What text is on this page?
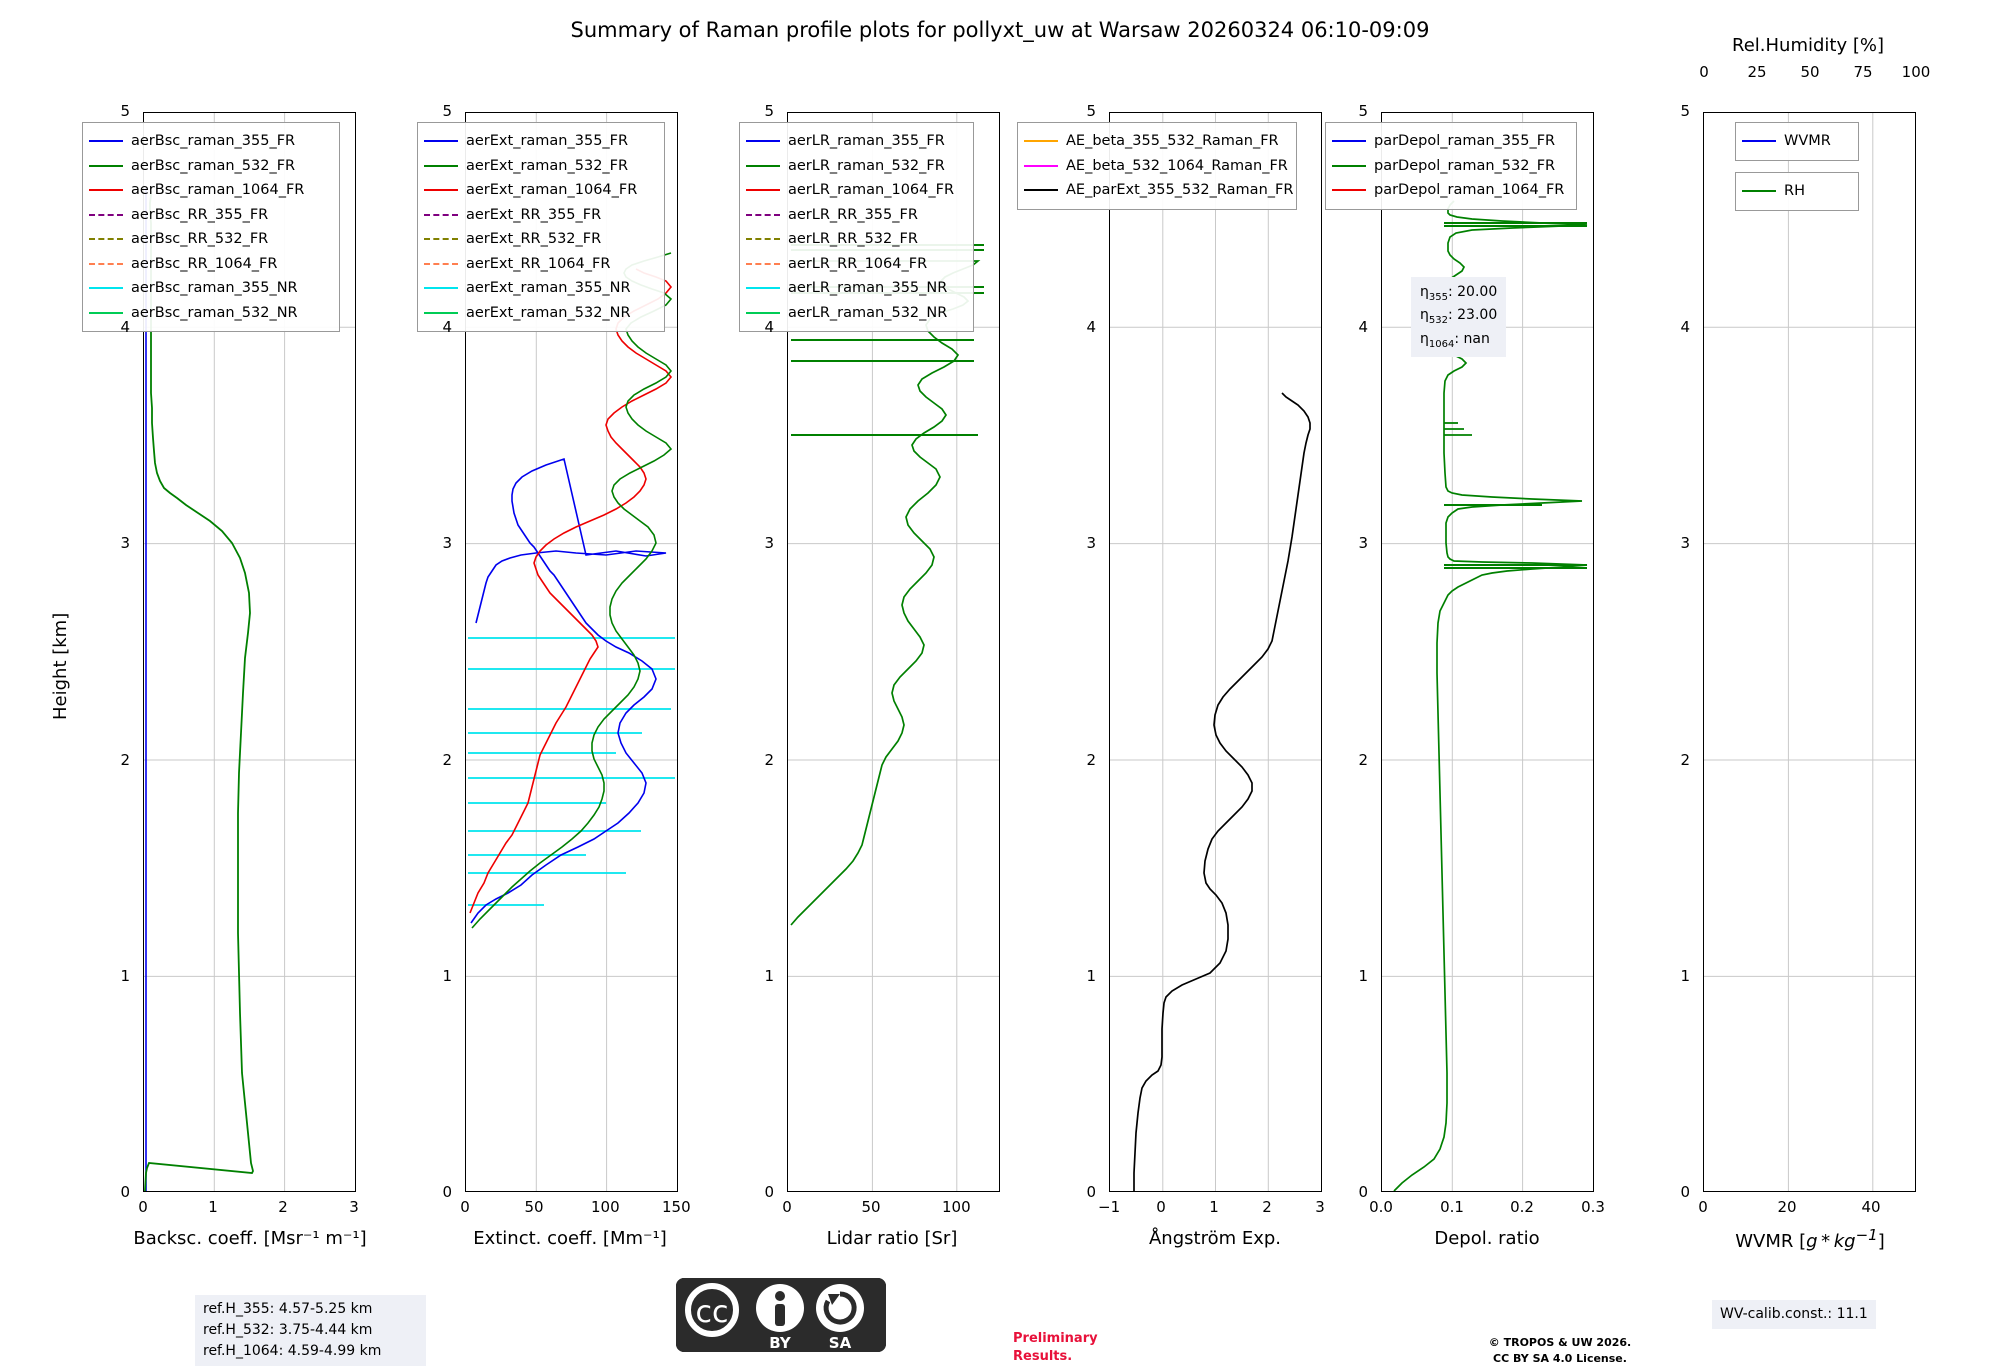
Summary of Raman profile plots for pollyxt_uw at Warsaw 20260324 06:10-09:09
aerBsc_raman_355_FR
aerBsc_raman_532_FR
aerBsc_raman_1064_FR
aerBsc_RR_355_FR
aerBsc_RR_532_FR
aerBsc_RR_1064_FR
aerBsc_raman_355_NR
aerBsc_raman_532_NR
5
4
3
2
1
0
Height [km]
0	1	2	3
Backsc. coeff. [Msr⁻¹ m⁻¹]
aerExt_raman_355_FR
aerExt_raman_532_FR
aerExt_raman_1064_FR
aerExt_RR_355_FR
aerExt_RR_532_FR
aerExt_RR_1064_FR
aerExt_raman_355_NR
aerExt_raman_532_NR
5
4
3
2
1
0
0	50	100	150
Extinct. coeff. [Mm⁻¹]
aerLR_raman_355_FR
aerLR_raman_532_FR
aerLR_raman_1064_FR
aerLR_RR_355_FR
aerLR_RR_532_FR
aerLR_RR_1064_FR
aerLR_raman_355_NR
aerLR_raman_532_NR
5
4
3
2
1
0
0	50	100
Lidar ratio [Sr]
AE_beta_355_532_Raman_FR
AE_beta_532_1064_Raman_FR
AE_parExt_355_532_Raman_FR
5
4
3
2
1
0
−1	0	1	2	3
Ångström Exp.
parDepol_raman_355_FR
parDepol_raman_532_FR
parDepol_raman_1064_FR
$\eta_{355}$: 20.00
$\eta_{532}$: 23.00
$\eta_{1064}$: nan
5
4
3
2
1
0
0.0	0.1	0.2	0.3
Depol. ratio
WVMR
RH
Rel.Humidity [%]
0	25 50 75 100
5
4
3
2
1
0
0	20	40
WVMR $[g * kg^{-1}]$
ref.H_355: 4.57-5.25 km
ref.H_532: 3.75-4.44 km
ref.H_1064: 4.59-4.99 km
WV-calib.const.: 11.1
Preliminary
Results.
© TROPOS & UW 2026.
CC BY SA 4.0 License.
cc
BY	SA
